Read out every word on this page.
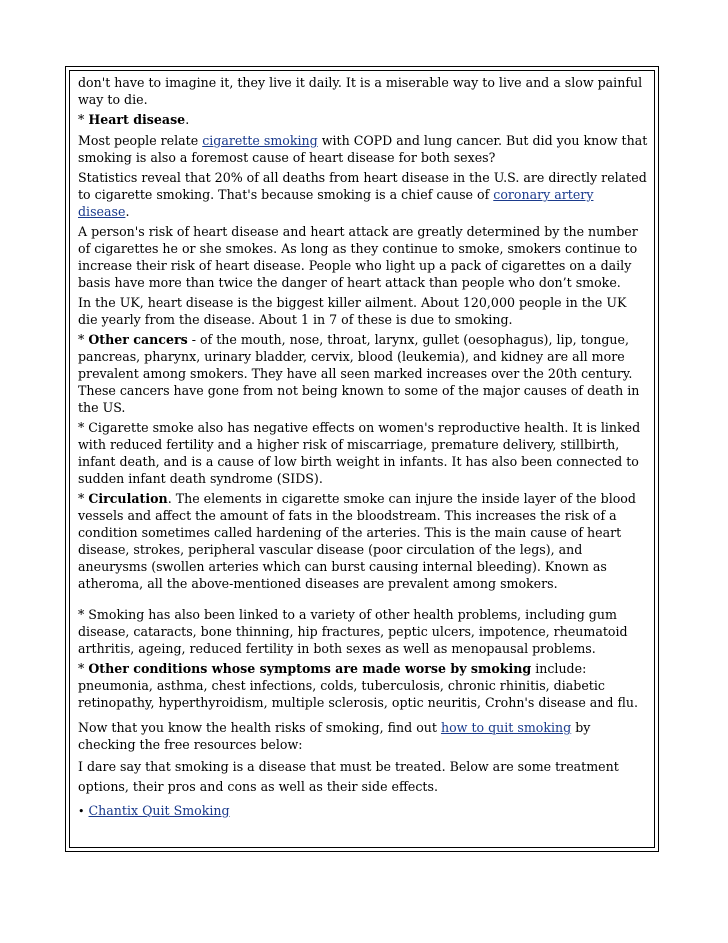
don't have to imagine it, they live it daily. It is a miserable way to live and a slow painful way to die.

* Heart disease.

Most people relate cigarette smoking with COPD and lung cancer. But did you know that smoking is also a foremost cause of heart disease for both sexes?

Statistics reveal that 20% of all deaths from heart disease in the U.S. are directly related to cigarette smoking. That's because smoking is a chief cause of coronary artery disease.

A person's risk of heart disease and heart attack are greatly determined by the number of cigarettes he or she smokes. As long as they continue to smoke, smokers continue to increase their risk of heart disease. People who light up a pack of cigarettes on a daily basis have more than twice the danger of heart attack than people who don’t smoke.

In the UK, heart disease is the biggest killer ailment. About 120,000 people in the UK die yearly from the disease. About 1 in 7 of these is due to smoking.

* Other cancers - of the mouth, nose, throat, larynx, gullet (oesophagus), lip, tongue, pancreas, pharynx, urinary bladder, cervix, blood (leukemia), and kidney are all more prevalent among smokers. They have all seen marked increases over the 20th century. These cancers have gone from not being known to some of the major causes of death in the US.

* Cigarette smoke also has negative effects on women's reproductive health. It is linked with reduced fertility and a higher risk of miscarriage, premature delivery, stillbirth, infant death, and is a cause of low birth weight in infants. It has also been connected to sudden infant death syndrome (SIDS).

* Circulation. The elements in cigarette smoke can injure the inside layer of the blood vessels and affect the amount of fats in the bloodstream. This increases the risk of a condition sometimes called hardening of the arteries. This is the main cause of heart disease, strokes, peripheral vascular disease (poor circulation of the legs), and aneurysms (swollen arteries which can burst causing internal bleeding). Known as atheroma, all the above-mentioned diseases are prevalent among smokers.

* Smoking has also been linked to a variety of other health problems, including gum disease, cataracts, bone thinning, hip fractures, peptic ulcers, impotence, rheumatoid arthritis, ageing, reduced fertility in both sexes as well as menopausal problems.

* Other conditions whose symptoms are made worse by smoking include: pneumonia, asthma, chest infections, colds, tuberculosis, chronic rhinitis, diabetic retinopathy, hyperthyroidism, multiple sclerosis, optic neuritis, Crohn's disease and flu.

Now that you know the health risks of smoking, find out how to quit smoking by checking the free resources below:

I dare say that smoking is a disease that must be treated. Below are some treatment options, their pros and cons as well as their side effects.

• Chantix Quit Smoking
